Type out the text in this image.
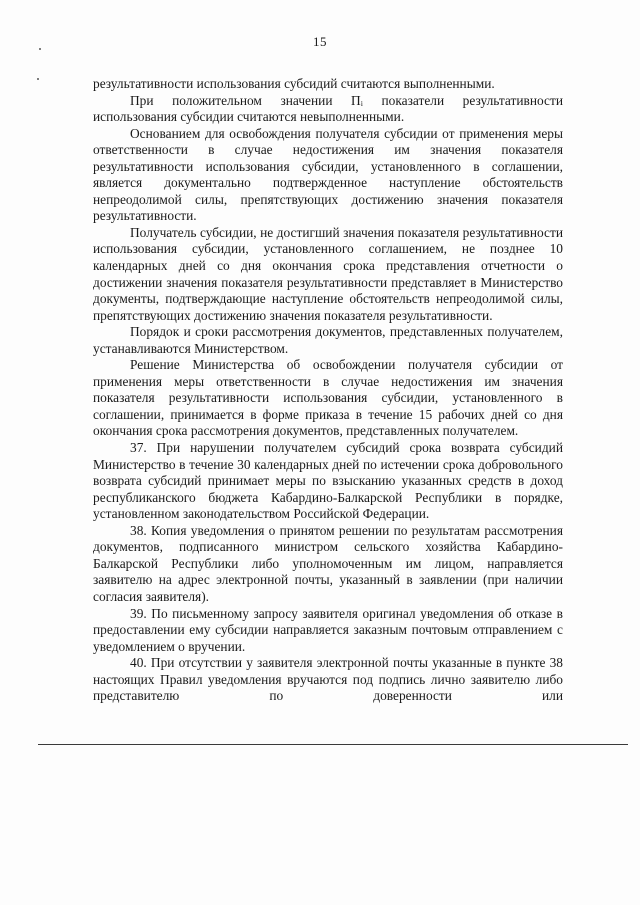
15

результативности использования субсидий считаются выполненными.

При положительном значении Пᵢ показатели результативности использования субсидии считаются невыполненными.

Основанием для освобождения получателя субсидии от применения меры ответственности в случае недостижения им значения показателя результативности использования субсидии, установленного в соглашении, является документально подтвержденное наступление обстоятельств непреодолимой силы, препятствующих достижению значения показателя результативности.

Получатель субсидии, не достигший значения показателя результативности использования субсидии, установленного соглашением, не позднее 10 календарных дней со дня окончания срока представления отчетности о достижении значения показателя результативности представляет в Министерство документы, подтверждающие наступление обстоятельств непреодолимой силы, препятствующих достижению значения показателя результативности.

Порядок и сроки рассмотрения документов, представленных получателем, устанавливаются Министерством.

Решение Министерства об освобождении получателя субсидии от применения меры ответственности в случае недостижения им значения показателя результативности использования субсидии, установленного в соглашении, принимается в форме приказа в течение 15 рабочих дней со дня окончания срока рассмотрения документов, представленных получателем.

37. При нарушении получателем субсидий срока возврата субсидий Министерство в течение 30 календарных дней по истечении срока добровольного возврата субсидий принимает меры по взысканию указанных средств в доход республиканского бюджета Кабардино-Балкарской Республики в порядке, установленном законодательством Российской Федерации.

38. Копия уведомления о принятом решении по результатам рассмотрения документов, подписанного министром сельского хозяйства Кабардино-Балкарской Республики либо уполномоченным им лицом, направляется заявителю на адрес электронной почты, указанный в заявлении (при наличии согласия заявителя).

39. По письменному запросу заявителя оригинал уведомления об отказе в предоставлении ему субсидии направляется заказным почтовым отправлением с уведомлением о вручении.

40. При отсутствии у заявителя электронной почты указанные в пункте 38 настоящих Правил уведомления вручаются под подпись лично заявителю либо представителю по доверенности или
